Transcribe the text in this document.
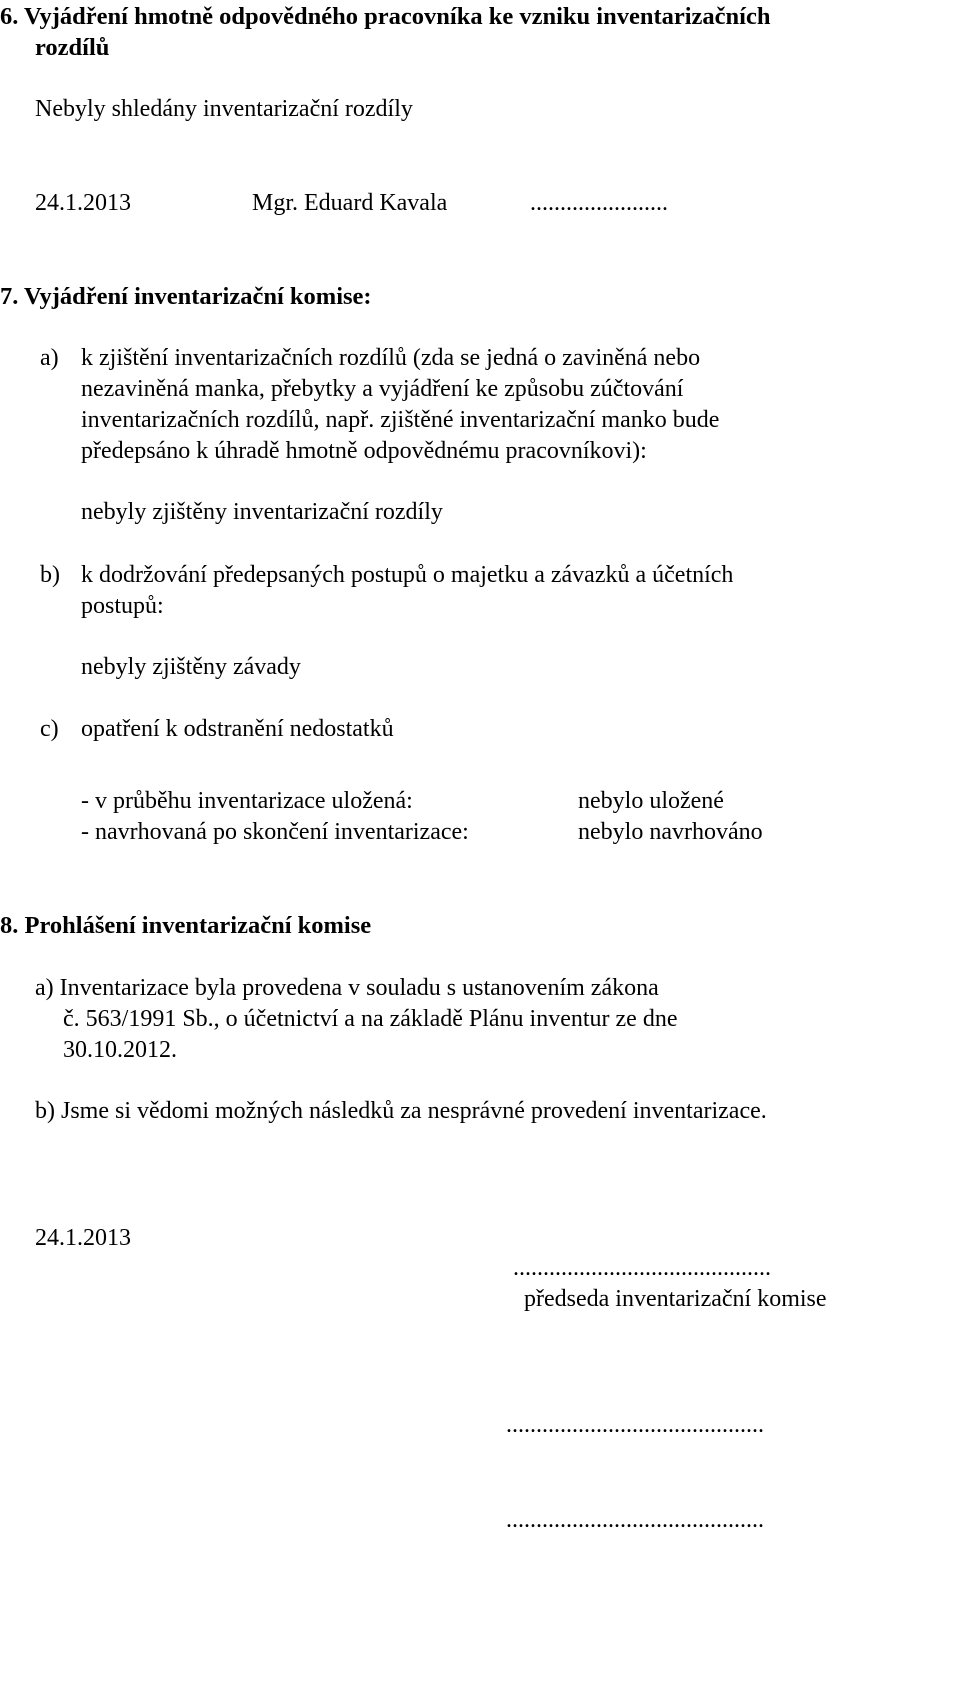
6. Vyjádření hmotně odpovědného pracovníka ke vzniku inventarizačních
rozdílů
Nebyly shledány inventarizační rozdíly
24.1.2013	Mgr. Eduard Kavala	.......................
7. Vyjádření inventarizační komise:
a) k zjištění inventarizačních rozdílů (zda se jedná o zaviněná nebo
nezaviněná manka, přebytky a vyjádření ke způsobu zúčtování
inventarizačních rozdílů, např. zjištěné inventarizační manko bude
předepsáno k úhradě hmotně odpovědnému pracovníkovi):
nebyly zjištěny inventarizační rozdíly
b) k dodržování předepsaných postupů o majetku a závazků a účetních
postupů:
nebyly zjištěny závady
c) opatření k odstranění nedostatků
- v průběhu inventarizace uložená:	nebylo uložené
- navrhovaná po skončení inventarizace:	nebylo navrhováno
8. Prohlášení inventarizační komise
a) Inventarizace byla provedena v souladu s ustanovením zákona
č. 563/1991 Sb., o účetnictví a na základě Plánu inventur ze dne
30.10.2012.
b) Jsme si vědomi možných následků za nesprávné provedení inventarizace.
24.1.2013
...........................................
předseda inventarizační komise
...........................................
...........................................
